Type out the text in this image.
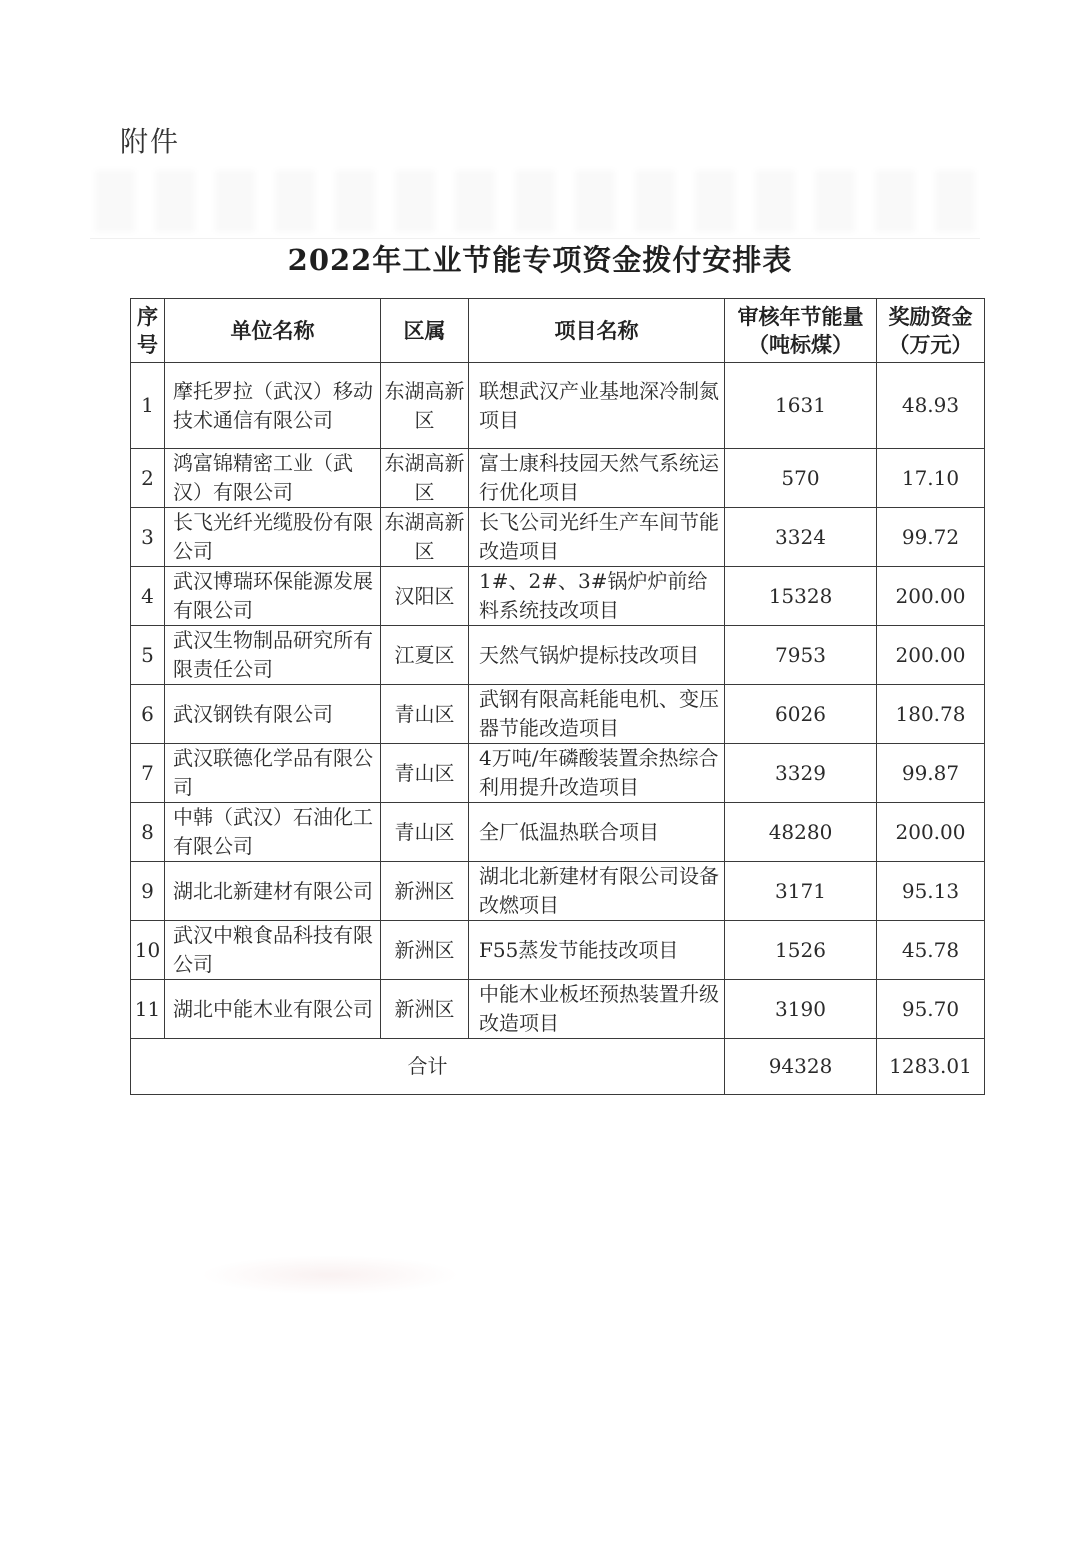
附件
2022年工业节能专项资金拨付安排表
序号	单位名称	区属	项目名称	审核年节能量（吨标煤）	奖励资金（万元）
1	摩托罗拉（武汉）移动技术通信有限公司	东湖高新区	联想武汉产业基地深冷制氮项目	1631	48.93
2	鸿富锦精密工业（武汉）有限公司	东湖高新区	富士康科技园天然气系统运行优化项目	570	17.10
3	长飞光纤光缆股份有限公司	东湖高新区	长飞公司光纤生产车间节能改造项目	3324	99.72
4	武汉博瑞环保能源发展有限公司	汉阳区	1#、2#、3#锅炉炉前给料系统技改项目	15328	200.00
5	武汉生物制品研究所有限责任公司	江夏区	天然气锅炉提标技改项目	7953	200.00
6	武汉钢铁有限公司	青山区	武钢有限高耗能电机、变压器节能改造项目	6026	180.78
7	武汉联德化学品有限公司	青山区	4万吨/年磷酸装置余热综合利用提升改造项目	3329	99.87
8	中韩（武汉）石油化工有限公司	青山区	全厂低温热联合项目	48280	200.00
9	湖北北新建材有限公司	新洲区	湖北北新建材有限公司设备改燃项目	3171	95.13
10	武汉中粮食品科技有限公司	新洲区	F55蒸发节能技改项目	1526	45.78
11	湖北中能木业有限公司	新洲区	中能木业板坯预热装置升级改造项目	3190	95.70
合计				94328	1283.01
